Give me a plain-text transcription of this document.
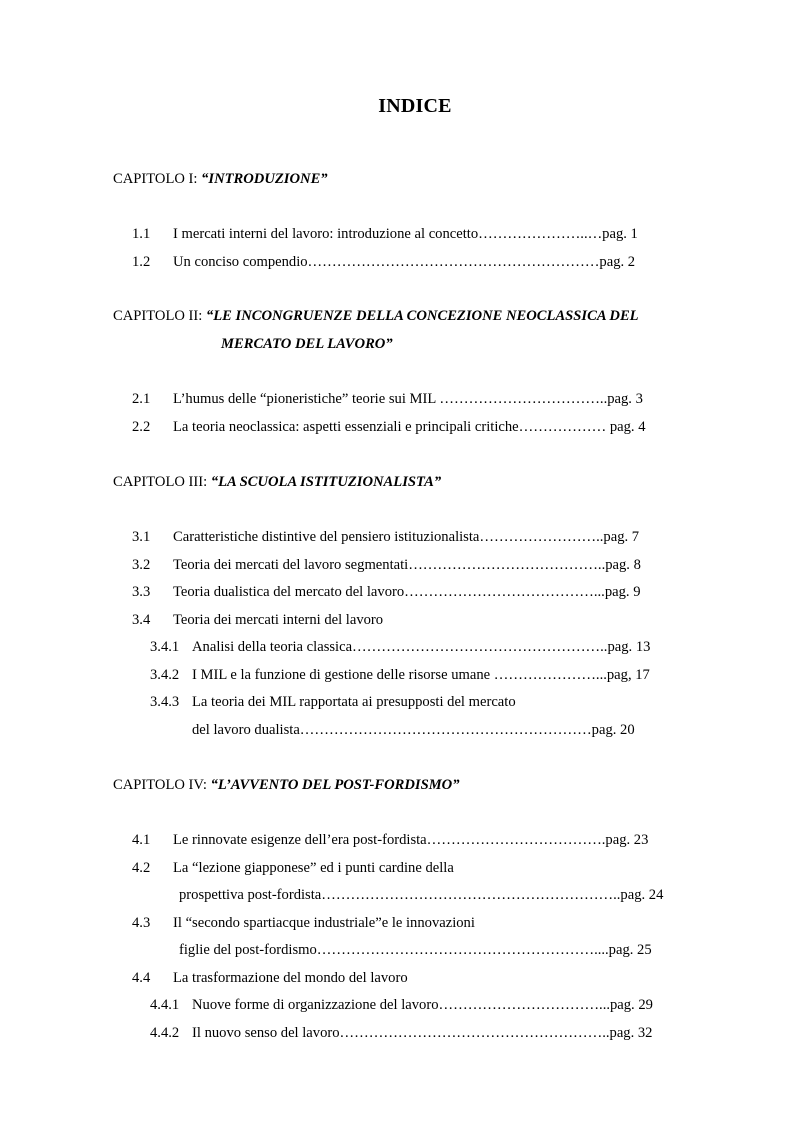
INDICE
CAPITOLO I: “INTRODUZIONE”
1.1 I mercati interni del lavoro: introduzione al concetto…………………..…pag. 1
1.2 Un conciso compendio……………………………………………………pag. 2
CAPITOLO II: “LE INCONGRUENZE DELLA CONCEZIONE NEOCLASSICA DEL
MERCATO DEL LAVORO”
2.1 L’humus delle “pioneristiche” teorie sui MIL ……………………………..pag. 3
2.2 La teoria neoclassica: aspetti essenziali e principali critiche……………… pag. 4
CAPITOLO III: “LA SCUOLA ISTITUZIONALISTA”
3.1 Caratteristiche distintive del pensiero istituzionalista……………………..pag. 7
3.2 Teoria dei mercati del lavoro segmentati…………………………………..pag. 8
3.3 Teoria dualistica del mercato del lavoro…………………………………...pag. 9
3.4 Teoria dei mercati interni del lavoro
3.4.1 Analisi della teoria classica……………………………………………..pag. 13
3.4.2 I MIL e la funzione di gestione delle risorse umane …………………...pag, 17
3.4.3 La teoria dei MIL rapportata ai presupposti del mercato
del lavoro dualista……………………………………………………pag. 20
CAPITOLO IV: “L’AVVENTO DEL POST-FORDISMO”
4.1 Le rinnovate esigenze dell’era post-fordista……………………………….pag. 23
4.2 La “lezione giapponese” ed i punti cardine della
prospettiva post-fordista……………………………………………………..pag. 24
4.3 Il “secondo spartiacque industriale”e le innovazioni
figlie del post-fordismo…………………………………………………....pag. 25
4.4 La trasformazione del mondo del lavoro
4.4.1 Nuove forme di organizzazione del lavoro……………………………...pag. 29
4.4.2 Il nuovo senso del lavoro………………………………………………..pag. 32
